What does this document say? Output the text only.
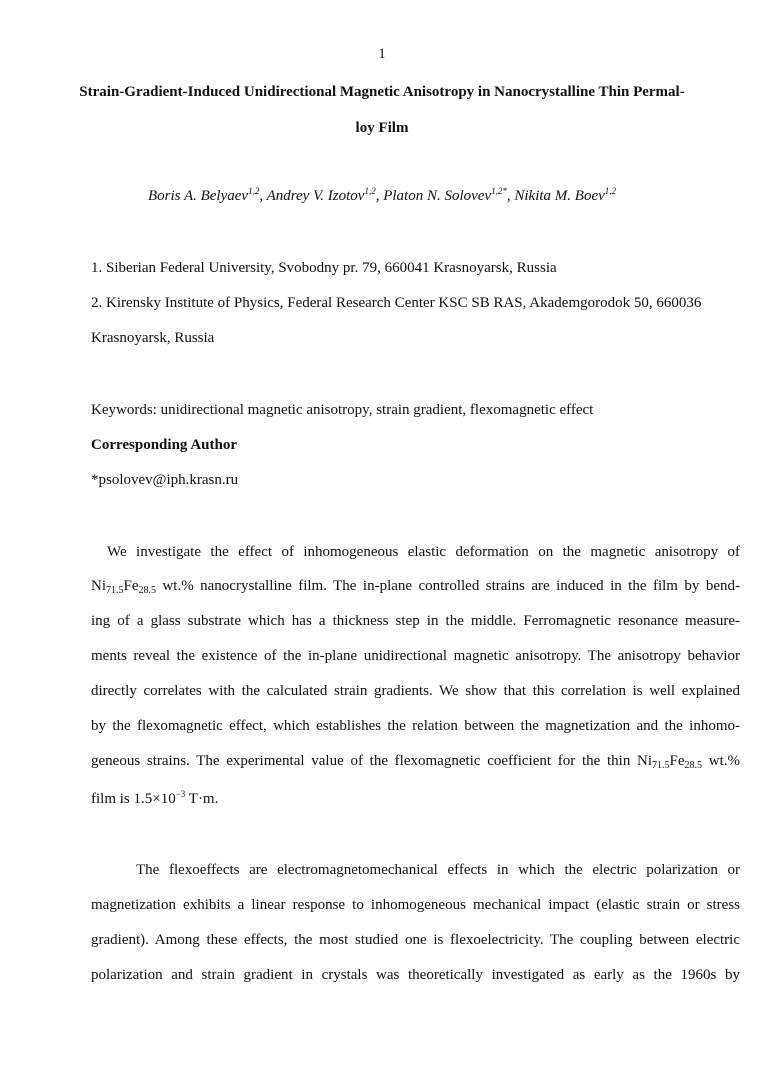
1
Strain-Gradient-Induced Unidirectional Magnetic Anisotropy in Nanocrystalline Thin Permal-
loy Film
Boris A. Belyaev$^{1,2}$, Andrey V. Izotov$^{1,2}$, Platon N. Solovev$^{1,2*}$, Nikita M. Boev$^{1,2}$
1. Siberian Federal University, Svobodny pr. 79, 660041 Krasnoyarsk, Russia
2. Kirensky Institute of Physics, Federal Research Center KSC SB RAS, Akademgorodok 50, 660036
Krasnoyarsk, Russia
Keywords: unidirectional magnetic anisotropy, strain gradient, flexomagnetic effect
Corresponding Author
*psolovev@iph.krasn.ru
We investigate the effect of inhomogeneous elastic deformation on the magnetic anisotropy of
$Ni_{71.5}Fe_{28.5}$ wt.% nanocrystalline film. The in-plane controlled strains are induced in the film by bend-
ing of a glass substrate which has a thickness step in the middle. Ferromagnetic resonance measure-
ments reveal the existence of the in-plane unidirectional magnetic anisotropy. The anisotropy behavior
directly correlates with the calculated strain gradients. We show that this correlation is well explained
by the flexomagnetic effect, which establishes the relation between the magnetization and the inhomo-
geneous strains. The experimental value of the flexomagnetic coefficient for the thin $Ni_{71.5}Fe_{28.5}$ wt.%
film is $1.5\times 10^{-3}$ T·m.
The flexoeffects are electromagnetomechanical effects in which the electric polarization or
magnetization exhibits a linear response to inhomogeneous mechanical impact (elastic strain or stress
gradient). Among these effects, the most studied one is flexoelectricity. The coupling between electric
polarization and strain gradient in crystals was theoretically investigated as early as the 1960s by
